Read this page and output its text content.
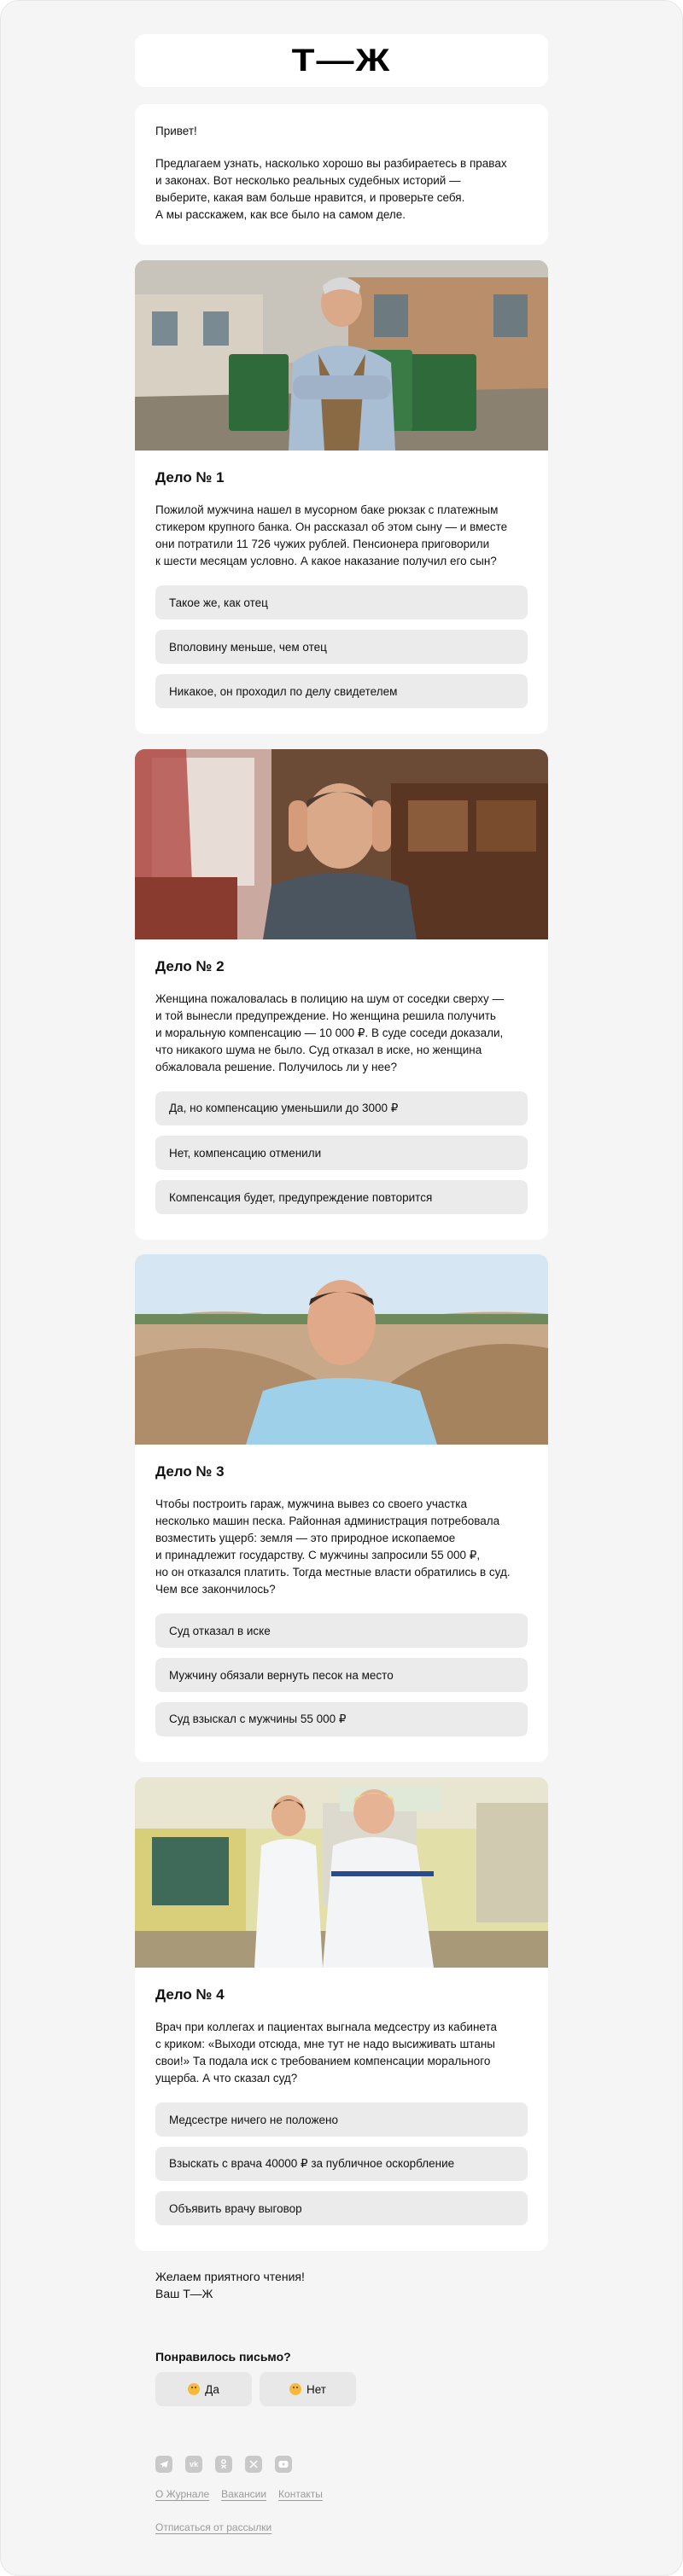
Т—Ж

Привет!

Предлагаем узнать, насколько хорошо вы разбираетесь в правах
и законах. Вот несколько реальных судебных историй —
выберите, какая вам больше нравится, и проверьте себя.
А мы расскажем, как все было на самом деле.

Дело № 1
Пожилой мужчина нашел в мусорном баке рюкзак с платежным
стикером крупного банка. Он рассказал об этом сыну — и вместе
они потратили 11 726 чужих рублей. Пенсионера приговорили
к шести месяцам условно. А какое наказание получил его сын?
Такое же, как отец
Вполовину меньше, чем отец
Никакое, он проходил по делу свидетелем
Дело № 2
Женщина пожаловалась в полицию на шум от соседки сверху —
и той вынесли предупреждение. Но женщина решила получить
и моральную компенсацию — 10 000 ₽. В суде соседи доказали,
что никакого шума не было. Суд отказал в иске, но женщина
обжаловала решение. Получилось ли у нее?
Да, но компенсацию уменьшили до 3000 ₽
Нет, компенсацию отменили
Компенсация будет, предупреждение повторится
Дело № 3
Чтобы построить гараж, мужчина вывез со своего участка
несколько машин песка. Районная администрация потребовала
возместить ущерб: земля — это природное ископаемое
и принадлежит государству. С мужчины запросили 55 000 ₽,
но он отказался платить. Тогда местные власти обратились в суд.
Чем все закончилось?
Суд отказал в иске
Мужчину обязали вернуть песок на место
Суд взыскал с мужчины 55 000 ₽
Дело № 4
Врач при коллегах и пациентах выгнала медсестру из кабинета
с криком: «Выходи отсюда, мне тут не надо высиживать штаны
свои!» Та подала иск с требованием компенсации морального
ущерба. А что сказал суд?
Медсестре ничего не положено
Взыскать с врача 40000 ₽ за публичное оскорбление
Объявить врачу выговор
Желаем приятного чтения!
Ваш Т—Ж
Понравилось письмо?
Да	Нет
vk
О Журнале Вакансии Контакты
Отписаться от рассылки
